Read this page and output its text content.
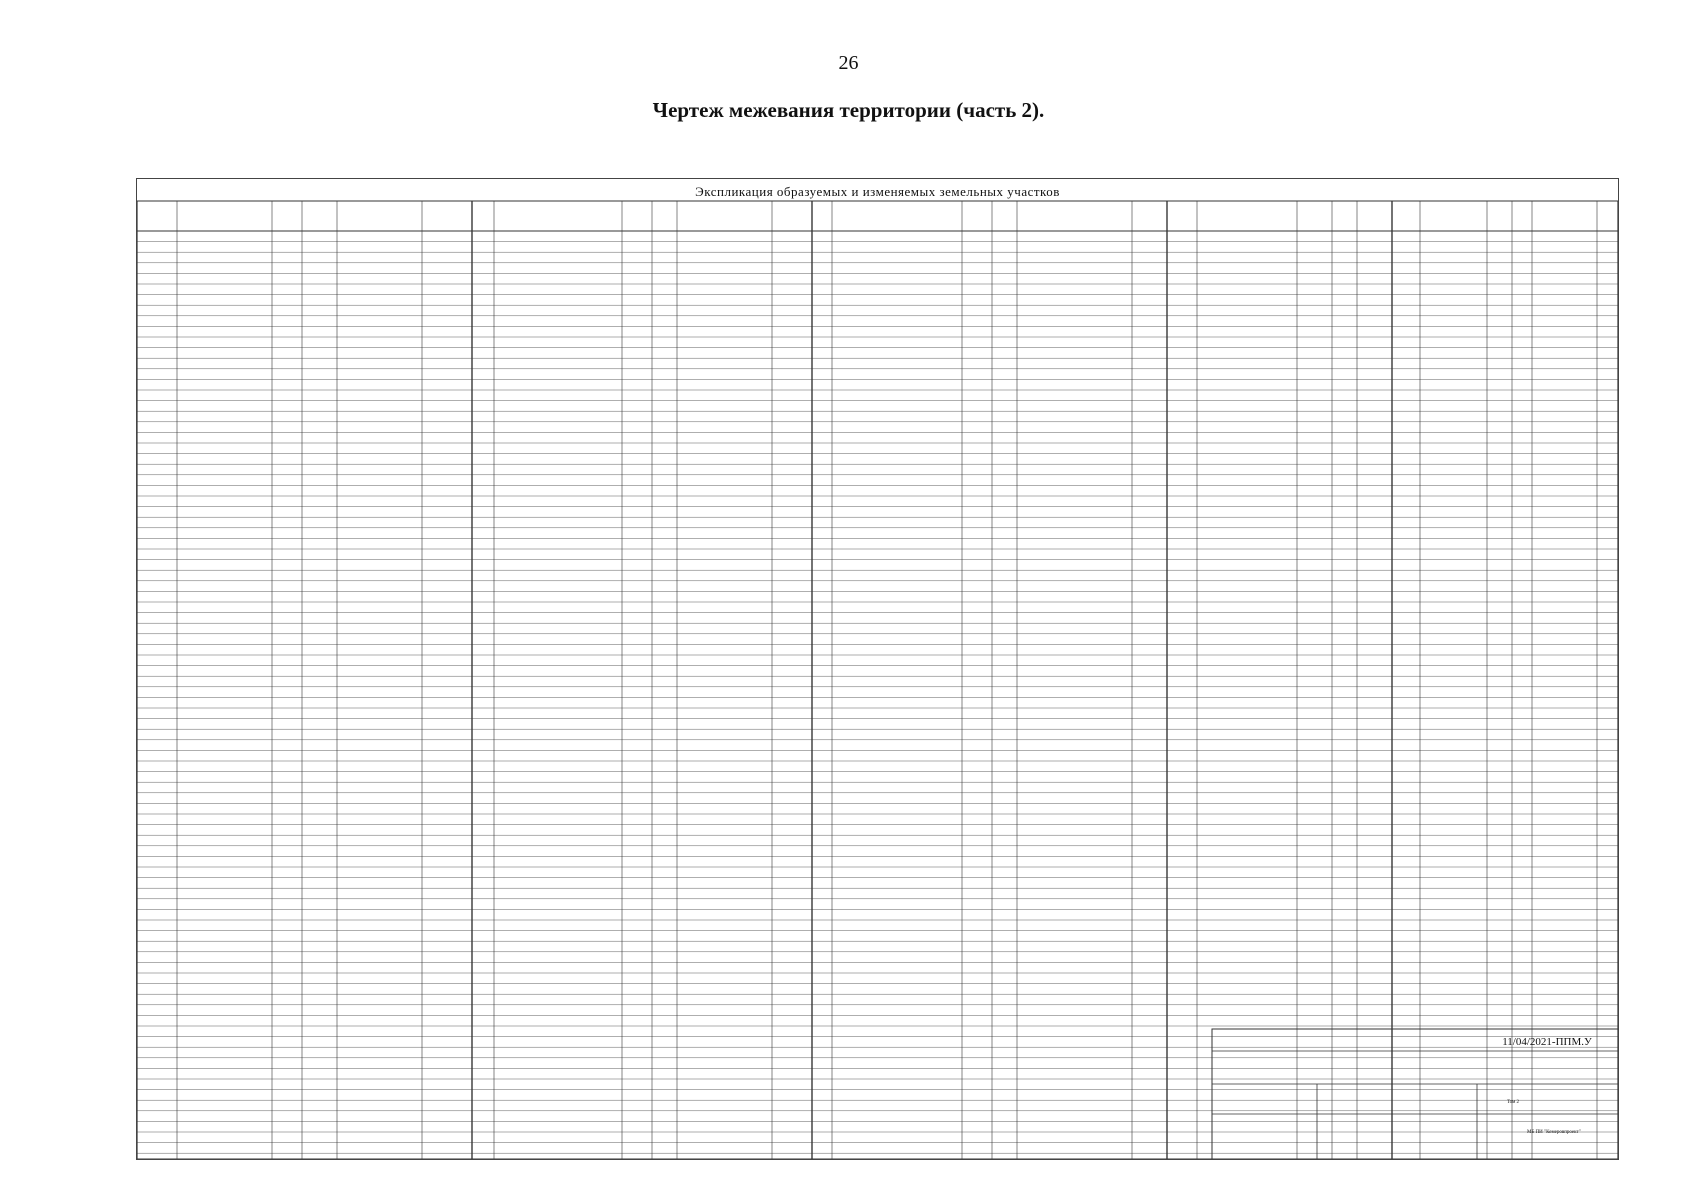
26
Чертеж межевания территории (часть 2).
Экспликация образуемых и изменяемых земельных участков
11/04/2021-ППМ.У
Том 2
МБ ПИ "Кемеровпроект"
